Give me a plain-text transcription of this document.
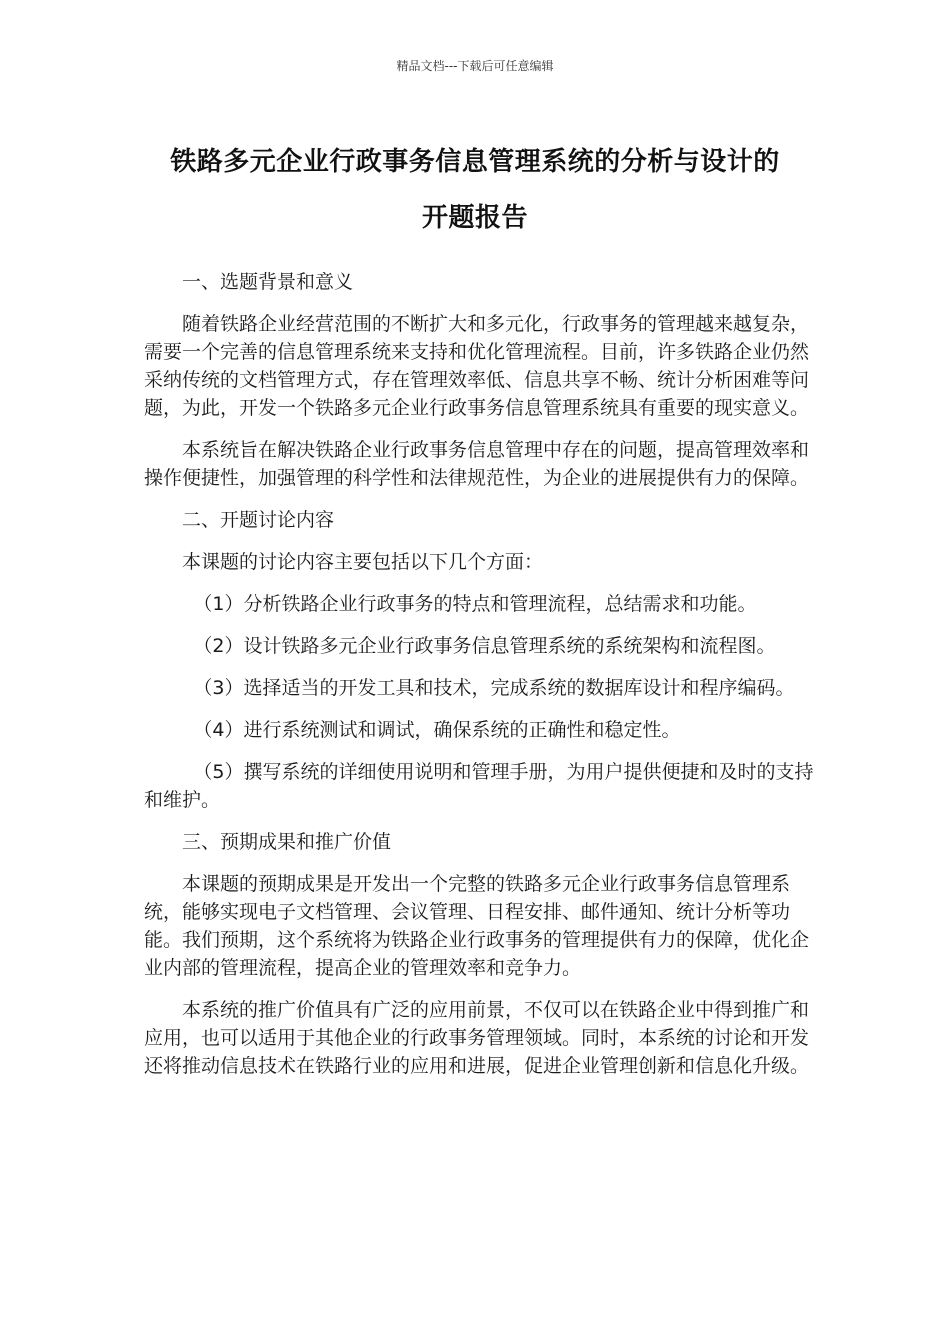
精品文档---下载后可任意编辑
铁路多元企业行政事务信息管理系统的分析与设计的
开题报告

一、选题背景和意义

随着铁路企业经营范围的不断扩大和多元化，行政事务的管理越来越复杂，需要一个完善的信息管理系统来支持和优化管理流程。目前，许多铁路企业仍然采纳传统的文档管理方式，存在管理效率低、信息共享不畅、统计分析困难等问题，为此，开发一个铁路多元企业行政事务信息管理系统具有重要的现实意义。

本系统旨在解决铁路企业行政事务信息管理中存在的问题，提高管理效率和操作便捷性，加强管理的科学性和法律规范性，为企业的进展提供有力的保障。

二、开题讨论内容

本课题的讨论内容主要包括以下几个方面：

（1）分析铁路企业行政事务的特点和管理流程，总结需求和功能。

（2）设计铁路多元企业行政事务信息管理系统的系统架构和流程图。

（3）选择适当的开发工具和技术，完成系统的数据库设计和程序编码。

（4）进行系统测试和调试，确保系统的正确性和稳定性。

（5）撰写系统的详细使用说明和管理手册，为用户提供便捷和及时的支持和维护。

三、预期成果和推广价值

本课题的预期成果是开发出一个完整的铁路多元企业行政事务信息管理系统，能够实现电子文档管理、会议管理、日程安排、邮件通知、统计分析等功能。我们预期，这个系统将为铁路企业行政事务的管理提供有力的保障，优化企业内部的管理流程，提高企业的管理效率和竞争力。

本系统的推广价值具有广泛的应用前景，不仅可以在铁路企业中得到推广和应用，也可以适用于其他企业的行政事务管理领域。同时，本系统的讨论和开发还将推动信息技术在铁路行业的应用和进展，促进企业管理创新和信息化升级。
